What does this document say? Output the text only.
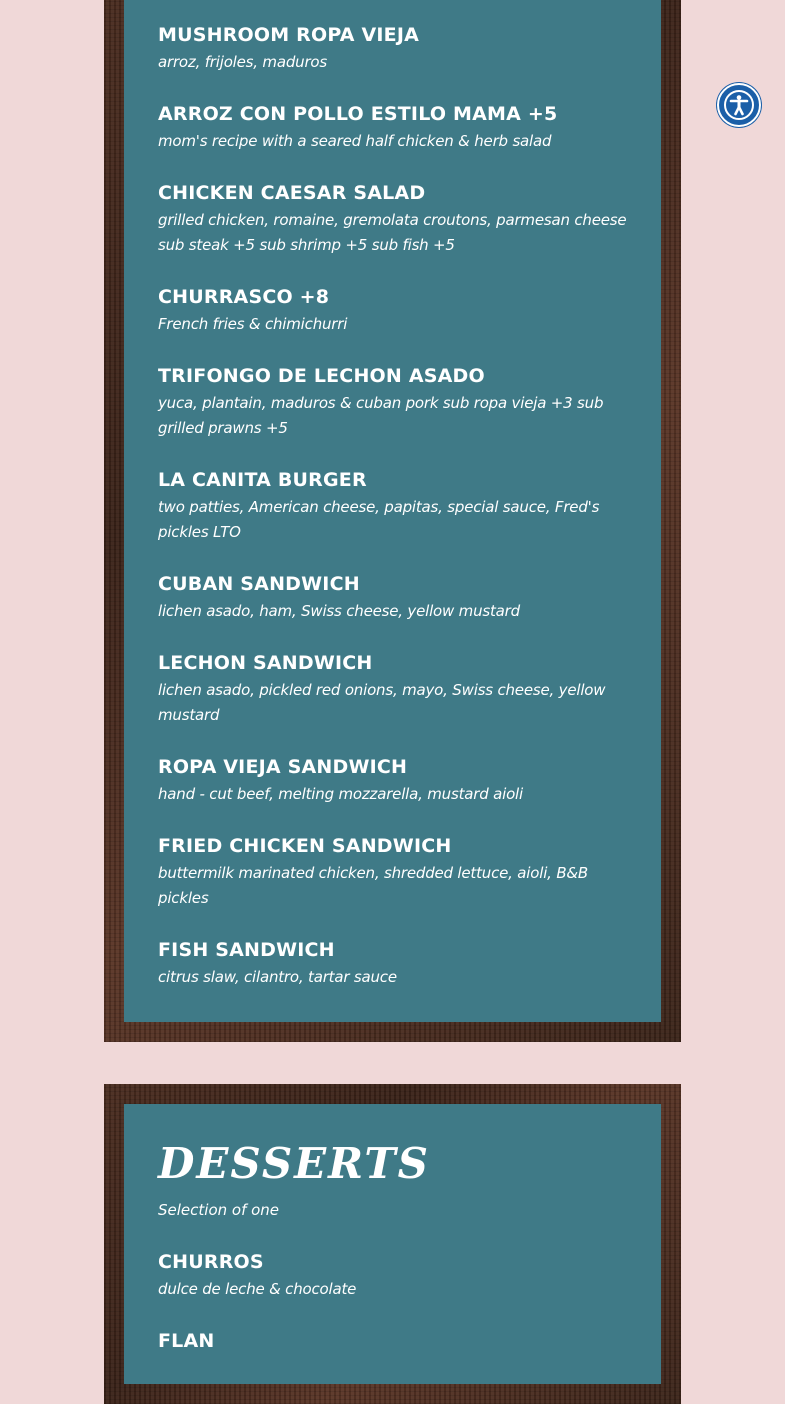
MUSHROOM ROPA VIEJA

arroz, frijoles, maduros

ARROZ CON POLLO ESTILO MAMA +5

mom's recipe with a seared half chicken & herb salad

CHICKEN CAESAR SALAD

grilled chicken, romaine, gremolata croutons, parmesan cheese sub steak +5 sub shrimp +5 sub fish +5

CHURRASCO +8

French fries & chimichurri

TRIFONGO DE LECHON ASADO

yuca, plantain, maduros & cuban pork sub ropa vieja +3 sub grilled prawns +5

LA CANITA BURGER

two patties, American cheese, papitas, special sauce, Fred's pickles LTO

CUBAN SANDWICH

lichen asado, ham, Swiss cheese, yellow mustard

LECHON SANDWICH

lichen asado, pickled red onions, mayo, Swiss cheese, yellow mustard

ROPA VIEJA SANDWICH

hand - cut beef, melting mozzarella, mustard aioli

FRIED CHICKEN SANDWICH

buttermilk marinated chicken, shredded lettuce, aioli, B&B pickles

FISH SANDWICH

citrus slaw, cilantro, tartar sauce

DESSERTS

Selection of one

CHURROS

dulce de leche & chocolate

FLAN
